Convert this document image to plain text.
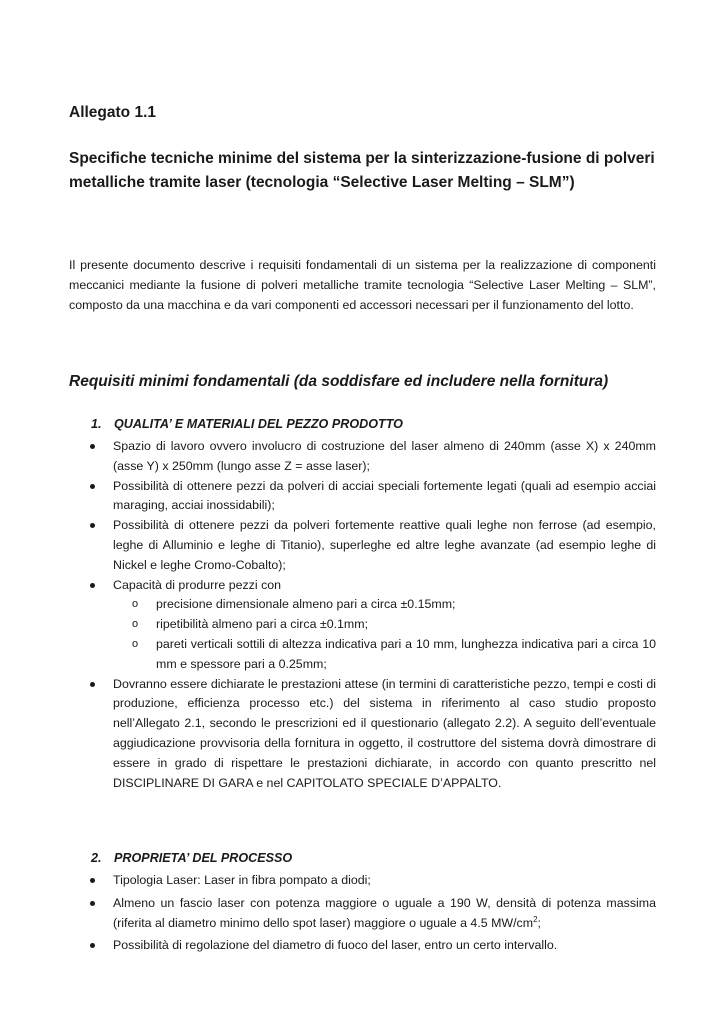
Allegato 1.1
Specifiche tecniche minime del sistema per la sinterizzazione-fusione di polveri metalliche tramite laser (tecnologia “Selective Laser Melting – SLM”)
Il presente documento descrive i requisiti fondamentali di un sistema per la realizzazione di componenti meccanici mediante la fusione di polveri metalliche tramite tecnologia “Selective Laser Melting – SLM”, composto da una macchina e da vari componenti ed accessori necessari per il funzionamento del lotto.
Requisiti minimi fondamentali (da soddisfare ed includere nella fornitura)
1. QUALITA’ E MATERIALI DEL PEZZO PRODOTTO
Spazio di lavoro ovvero involucro di costruzione del laser almeno di 240mm (asse X) x 240mm (asse Y) x 250mm (lungo asse Z = asse laser);
Possibilità di ottenere pezzi da polveri di acciai speciali fortemente legati (quali ad esempio acciai maraging, acciai inossidabili);
Possibilità di ottenere pezzi da polveri fortemente reattive quali leghe non ferrose (ad esempio, leghe di Alluminio e leghe di Titanio), superleghe ed altre leghe avanzate (ad esempio leghe di Nickel e leghe Cromo-Cobalto);
Capacità di produrre pezzi con
o precisione dimensionale almeno pari a circa ±0.15mm;
o ripetibilità almeno pari a circa ±0.1mm;
o pareti verticali sottili di altezza indicativa pari a 10 mm, lunghezza indicativa pari a circa 10 mm e spessore pari a 0.25mm;
Dovranno essere dichiarate le prestazioni attese (in termini di caratteristiche pezzo, tempi e costi di produzione, efficienza processo etc.) del sistema in riferimento al caso studio proposto nell’Allegato 2.1, secondo le prescrizioni ed il questionario (allegato 2.2). A seguito dell’eventuale aggiudicazione provvisoria della fornitura in oggetto, il costruttore del sistema dovrà dimostrare di essere in grado di rispettare le prestazioni dichiarate, in accordo con quanto prescritto nel DISCIPLINARE DI GARA e nel CAPITOLATO SPECIALE D’APPALTO.
2. PROPRIETA’ DEL PROCESSO
Tipologia Laser: Laser in fibra pompato a diodi;
Almeno un fascio laser con potenza maggiore o uguale a 190 W, densità di potenza massima (riferita al diametro minimo dello spot laser) maggiore o uguale a 4.5 $MW/cm^2$;
Possibilità di regolazione del diametro di fuoco del laser, entro un certo intervallo.
